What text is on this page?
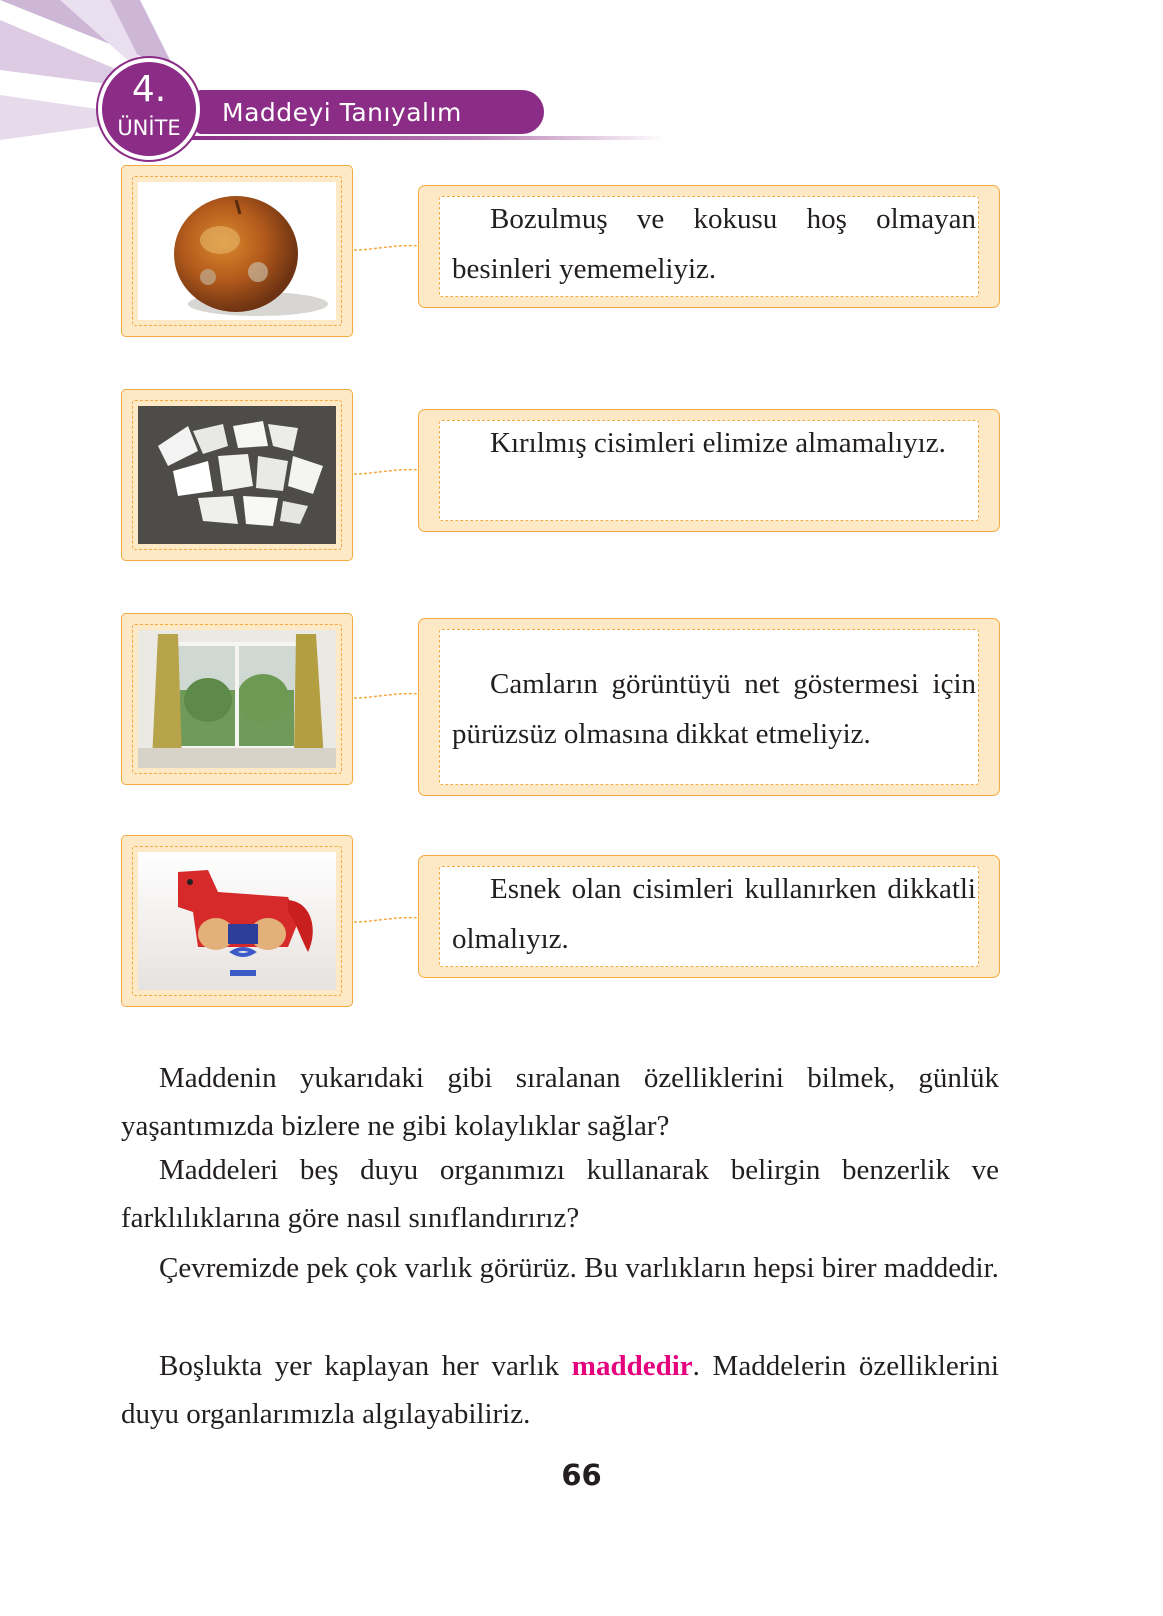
4.
ÜNİTE
Maddeyi Tanıyalım
Bozulmuş ve kokusu hoş olmayan besinleri yememeliyiz.
Kırılmış cisimleri elimize almamalıyız.
Camların görüntüyü net göstermesi için pürüzsüz olmasına dikkat etmeliyiz.
Esnek olan cisimleri kullanırken dikkatli olmalıyız.

Maddenin yukarıdaki gibi sıralanan özelliklerini bilmek, günlük yaşantımızda bizlere ne gibi kolaylıklar sağlar?

Maddeleri beş duyu organımızı kullanarak belirgin benzerlik ve farklılıklarına göre nasıl sınıflandırırız?

Çevremizde pek çok varlık görürüz. Bu varlıkların hepsi birer maddedir.

Boşlukta yer kaplayan her varlık maddedir. Maddelerin özelliklerini duyu organlarımızla algılayabiliriz.

66
